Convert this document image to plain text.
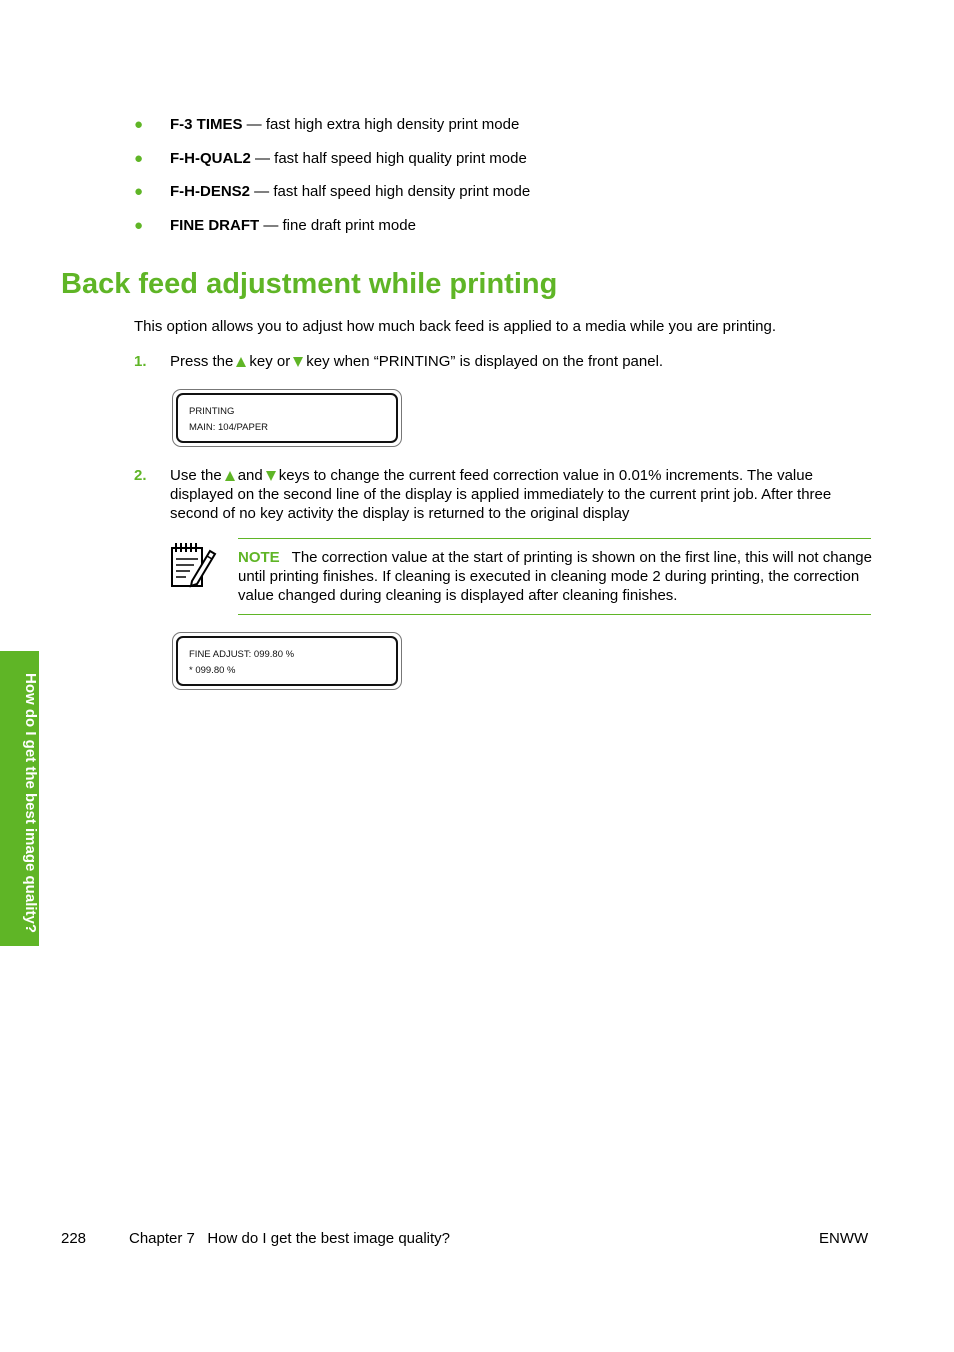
● F-3 TIMES — fast high extra high density print mode
● F-H-QUAL2 — fast half speed high quality print mode
● F-H-DENS2 — fast half speed high density print mode
● FINE DRAFT — fine draft print mode
Back feed adjustment while printing
This option allows you to adjust how much back feed is applied to a media while you are printing.
1. Press the key or key when “PRINTING” is displayed on the front panel.
PRINTING
MAIN: 104/PAPER
2. Use the and keys to change the current feed correction value in 0.01% increments. The value displayed on the second line of the display is applied immediately to the current print job. After three second of no key activity the display is returned to the original display
NOTE The correction value at the start of printing is shown on the first line, this will not change until printing finishes. If cleaning is executed in cleaning mode 2 during printing, the correction value changed during cleaning is displayed after cleaning finishes.
FINE ADJUST: 099.80 %
* 099.80 %
How do I get the best image quality?
228	Chapter 7   How do I get the best image quality?	ENWW
